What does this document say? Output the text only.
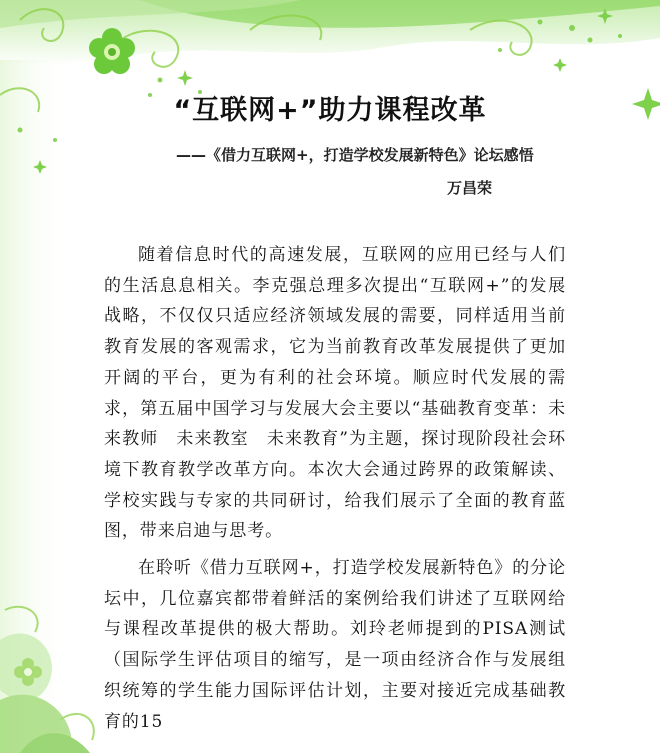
“互联网+”助力课程改革
——《借力互联网+，打造学校发展新特色》论坛感悟
万昌荣

随着信息时代的高速发展，互联网的应用已经与人们的生活息息相关。李克强总理多次提出“互联网+”的发展战略，不仅仅只适应经济领域发展的需要，同样适用当前教育发展的客观需求，它为当前教育改革发展提供了更加开阔的平台，更为有利的社会环境。顺应时代发展的需求，第五届中国学习与发展大会主要以“基础教育变革：未来教师　未来教室　未来教育”为主题，探讨现阶段社会环境下教育教学改革方向。本次大会通过跨界的政策解读、学校实践与专家的共同研讨，给我们展示了全面的教育蓝图，带来启迪与思考。

在聆听《借力互联网+，打造学校发展新特色》的分论坛中，几位嘉宾都带着鲜活的案例给我们讲述了互联网给与课程改革提供的极大帮助。刘玲老师提到的PISA测试（国际学生评估项目的缩写，是一项由经济合作与发展组织统筹的学生能力国际评估计划，主要对接近完成基础教育的15
